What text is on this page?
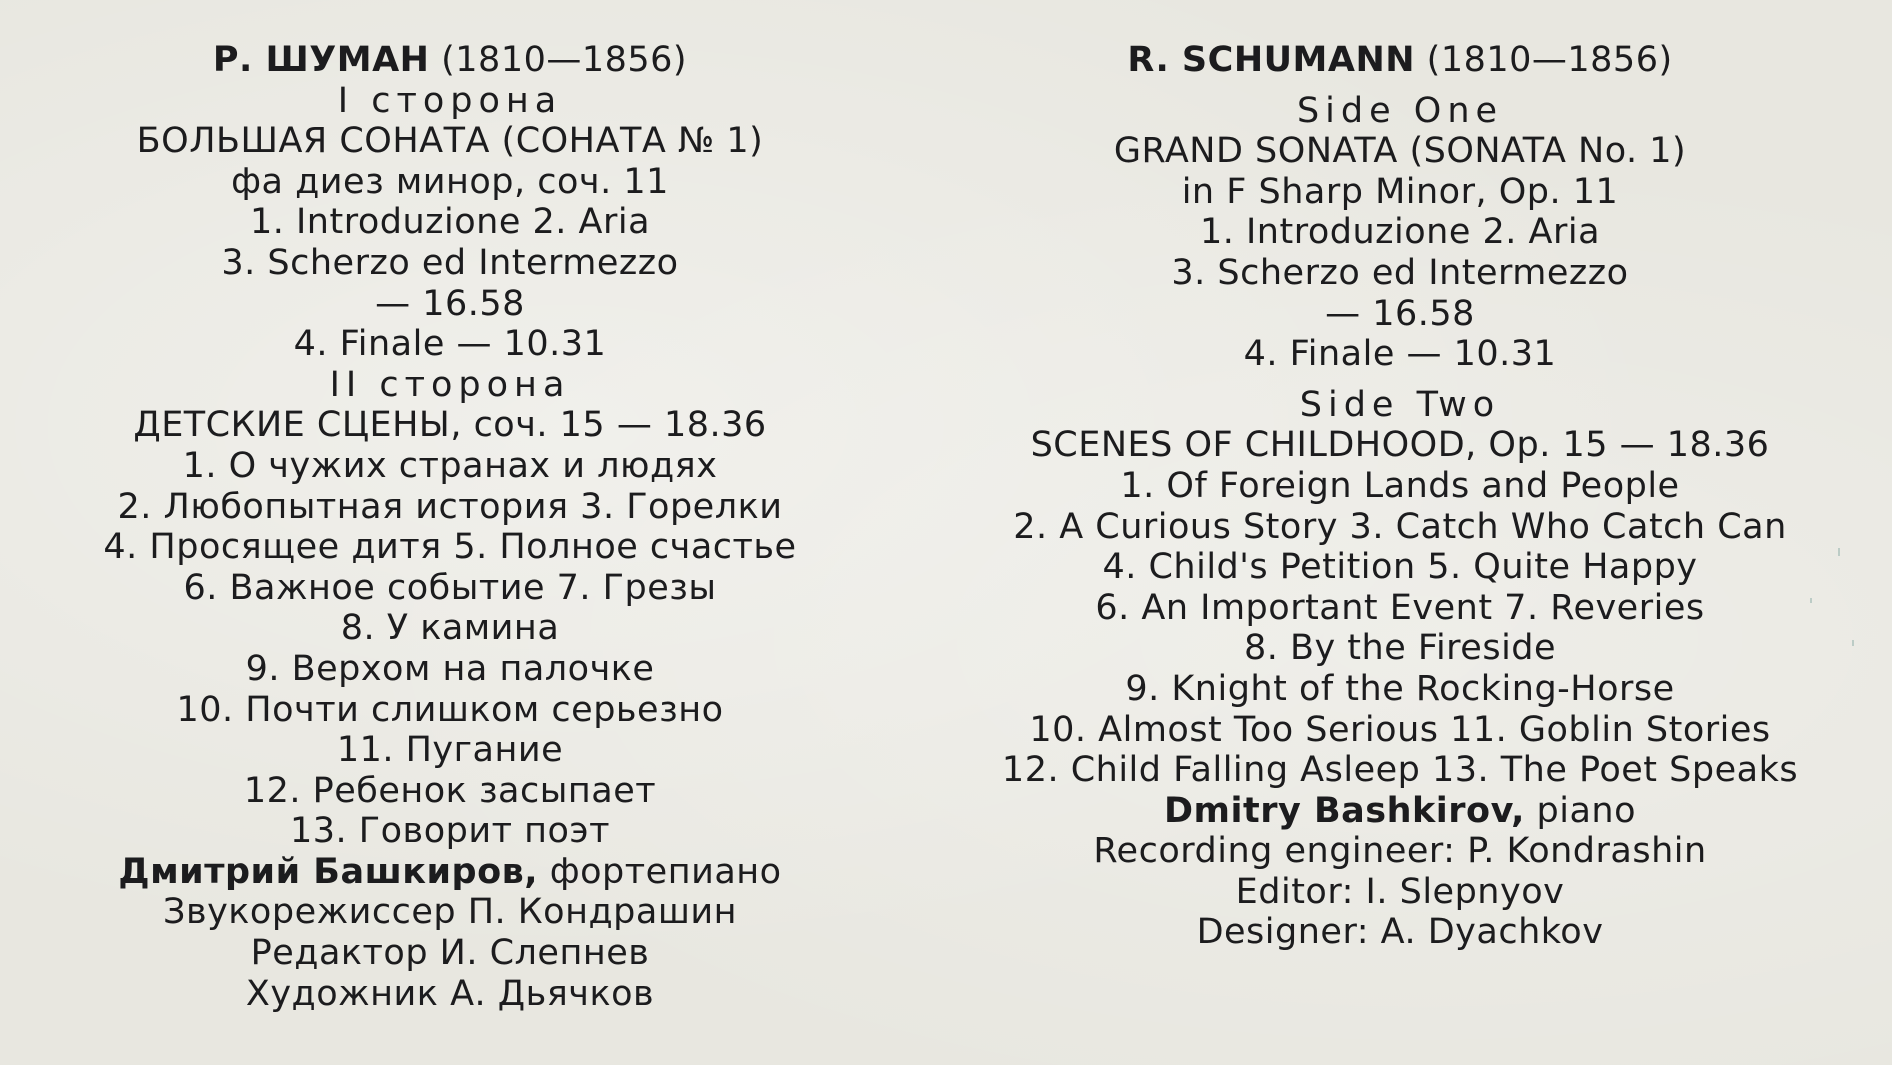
Р. ШУМАН (1810—1856)
I сторона
БОЛЬШАЯ СОНАТА (СОНАТА № 1)
фа диез минор, соч. 11
1. Introduzione 2. Aria
3. Scherzo ed Intermezzo
— 16.58
4. Finale — 10.31
II сторона
ДЕТСКИЕ СЦЕНЫ, соч. 15 — 18.36
1. О чужих странах и людях
2. Любопытная история 3. Горелки
4. Просящее дитя 5. Полное счастье
6. Важное событие 7. Грезы
8. У камина
9. Верхом на палочке
10. Почти слишком серьезно
11. Пугание
12. Ребенок засыпает
13. Говорит поэт
Дмитрий Башкиров, фортепиано
Звукорежиссер П. Кондрашин
Редактор И. Слепнев
Художник А. Дьячков
R. SCHUMANN (1810—1856)
Side One
GRAND SONATA (SONATA No. 1)
in F Sharp Minor, Op. 11
1. Introduzione 2. Aria
3. Scherzo ed Intermezzo
— 16.58
4. Finale — 10.31
Side Two
SCENES OF CHILDHOOD, Op. 15 — 18.36
1. Of Foreign Lands and People
2. A Curious Story 3. Catch Who Catch Can
4. Child's Petition 5. Quite Happy
6. An Important Event 7. Reveries
8. By the Fireside
9. Knight of the Rocking-Horse
10. Almost Too Serious 11. Goblin Stories
12. Child Falling Asleep 13. The Poet Speaks
Dmitry Bashkirov, piano
Recording engineer: P. Kondrashin
Editor: I. Slepnyov
Designer: A. Dyachkov
